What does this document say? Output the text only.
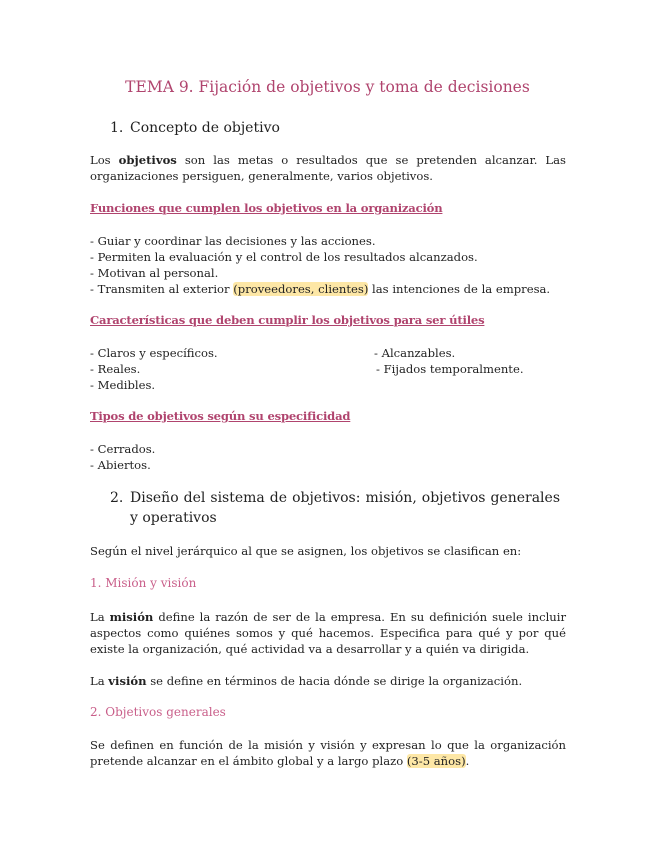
TEMA 9. Fijación de objetivos y toma de decisiones
1. Concepto de objetivo

Los objetivos son las metas o resultados que se pretenden alcanzar. Las organizaciones persiguen, generalmente, varios objetivos.

Funciones que cumplen los objetivos en la organización

- Guiar y coordinar las decisiones y las acciones.
- Permiten la evaluación y el control de los resultados alcanzados.
- Motivan al personal.
- Transmiten al exterior (proveedores, clientes) las intenciones de la empresa.

Características que deben cumplir los objetivos para ser útiles

- Claros y específicos.
- Reales.
- Medibles.
- Alcanzables.
- Fijados temporalmente.

Tipos de objetivos según su especificidad

- Cerrados.
- Abiertos.
2. Diseño del sistema de objetivos: misión, objetivos generales y operativos

Según el nivel jerárquico al que se asignen, los objetivos se clasifican en:

1. Misión y visión

La misión define la razón de ser de la empresa. En su definición suele incluir aspectos como quiénes somos y qué hacemos. Especifica para qué y por qué existe la organización, qué actividad va a desarrollar y a quién va dirigida.

La visión se define en términos de hacia dónde se dirige la organización.

2. Objetivos generales

Se definen en función de la misión y visión y expresan lo que la organización pretende alcanzar en el ámbito global y a largo plazo (3-5 años).
